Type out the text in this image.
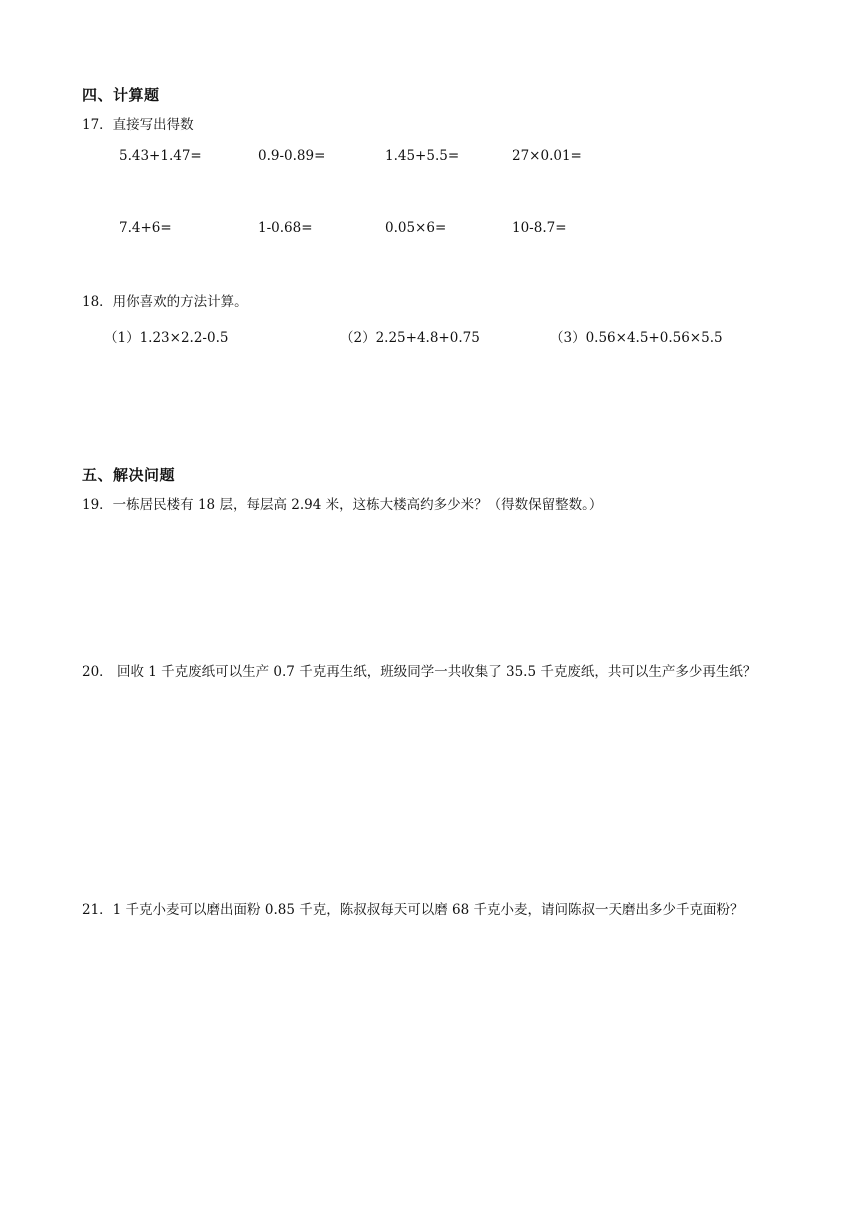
四、计算题
17．直接写出得数
5.43+1.47=	0.9-0.89=	1.45+5.5=	27×0.01=
7.4+6=	1-0.68=	0.05×6=	10-8.7=
18．用你喜欢的方法计算。
（1）1.23×2.2-0.5	（2）2.25+4.8+0.75	（3）0.56×4.5+0.56×5.5
五、解决问题
19．一栋居民楼有 18 层，每层高 2.94 米，这栋大楼高约多少米？（得数保留整数。）
20． 回收 1 千克废纸可以生产 0.7 千克再生纸，班级同学一共收集了 35.5 千克废纸，共可以生产多少再生纸？
21．1 千克小麦可以磨出面粉 0.85 千克，陈叔叔每天可以磨 68 千克小麦，请问陈叔一天磨出多少千克面粉？
